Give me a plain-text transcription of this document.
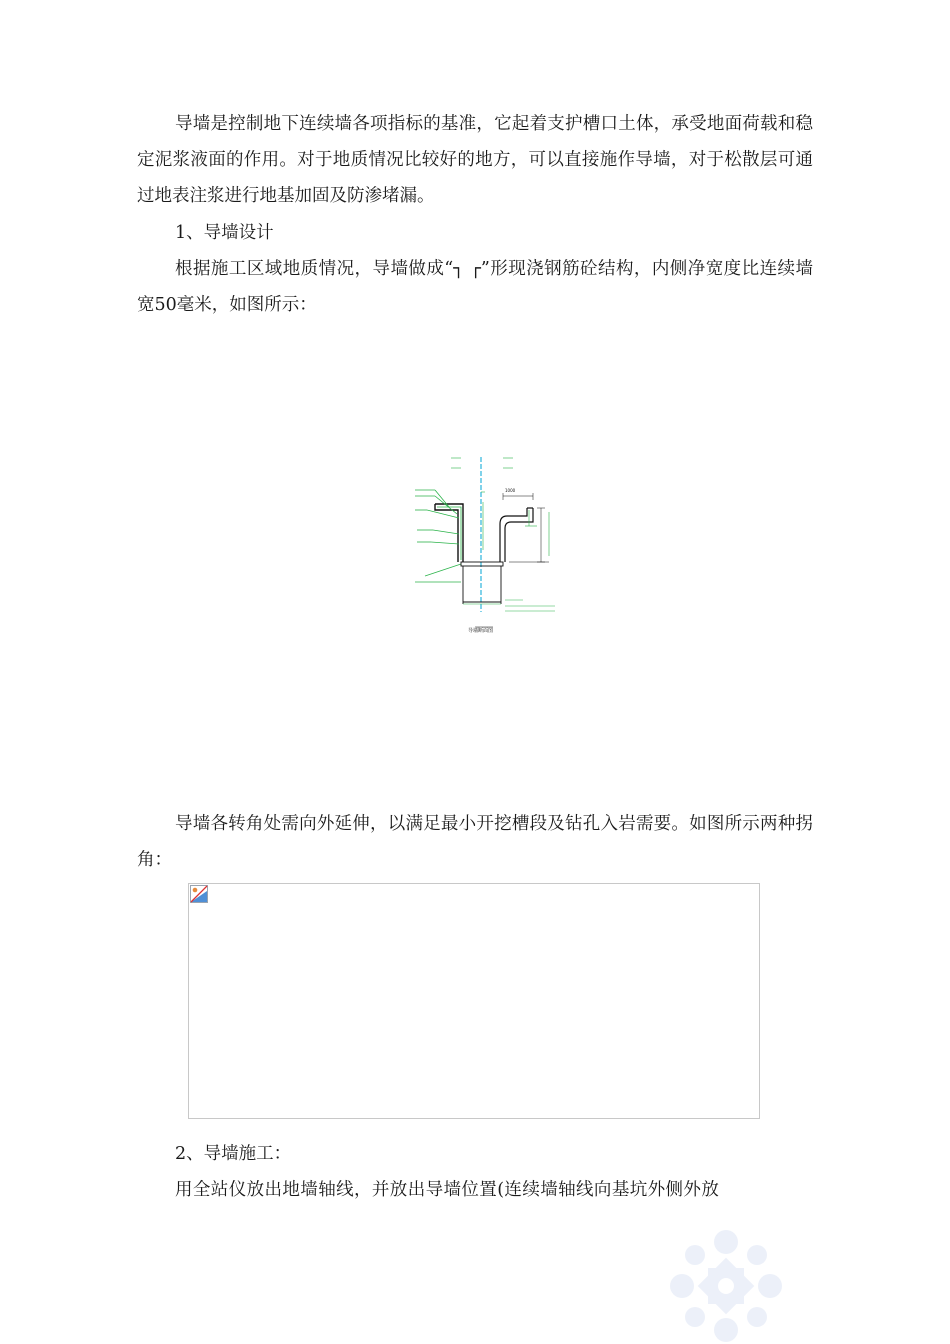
导墙是控制地下连续墙各项指标的基准，它起着支护槽口土体，承受地面荷载和稳定泥浆液面的作用。对于地质情况比较好的地方，可以直接施作导墙，对于松散层可通过地表注浆进行地基加固及防渗堵漏。
1、导墙设计
根据施工区域地质情况，导墙做成“┐ ┌”形现浇钢筋砼结构，内侧净宽度比连续墙宽50毫米，如图所示：
1000
导墙断面图
导墙各转角处需向外延伸，以满足最小开挖槽段及钻孔入岩需要。如图所示两种拐角：
2、导墙施工：
用全站仪放出地墙轴线，并放出导墙位置(连续墙轴线向基坑外侧外放
